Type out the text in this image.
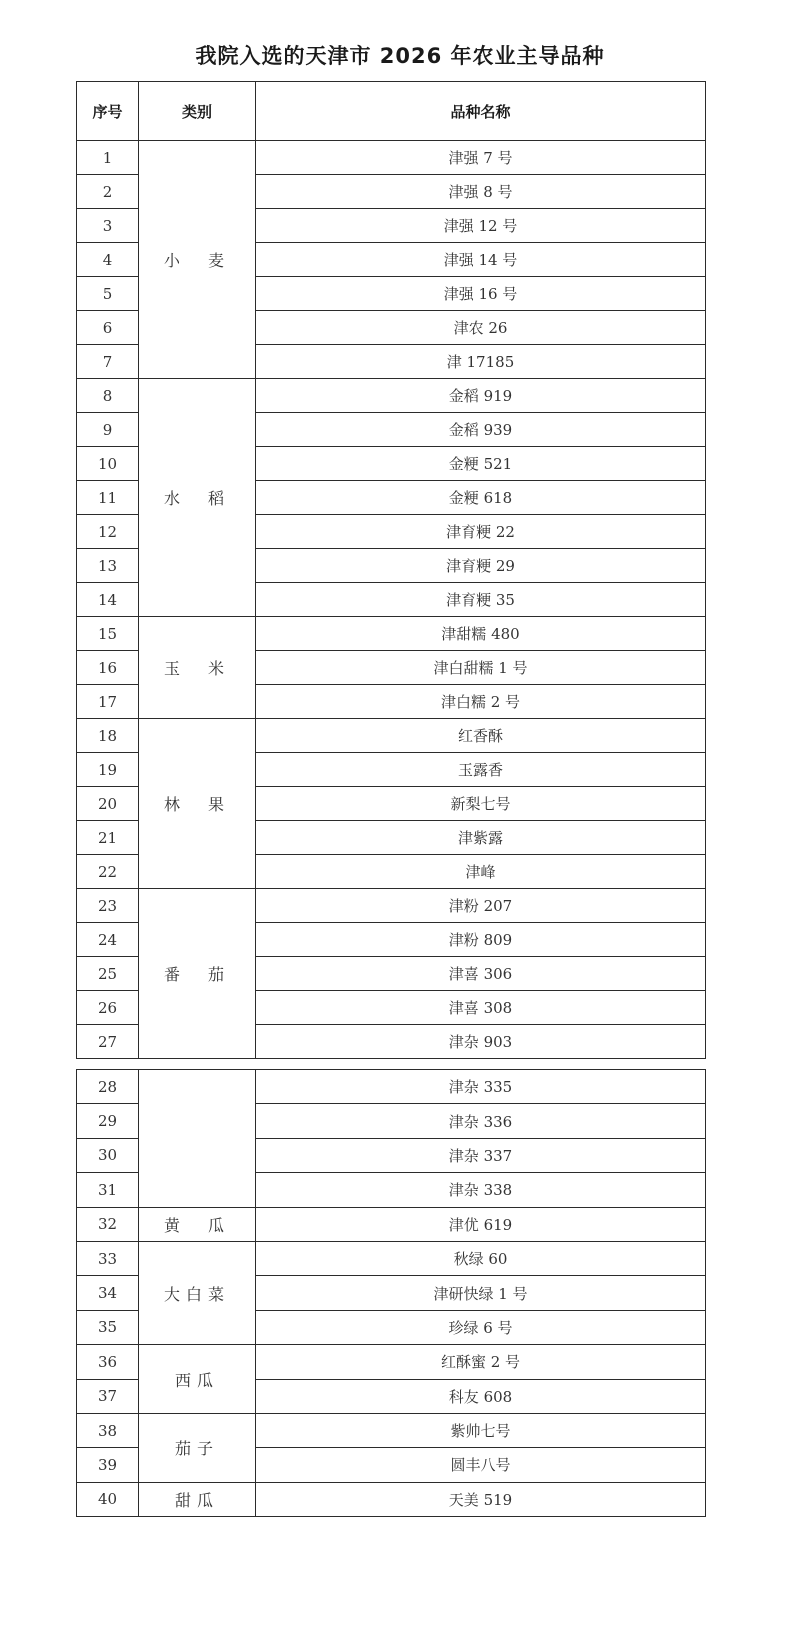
我院入选的天津市 2026 年农业主导品种
序号	类别	品种名称
1	小　麦	津强 7 号
2		津强 8 号
3		津强 12 号
4		津强 14 号
5		津强 16 号
6		津农 26
7		津 17185
8	水　稻	金稻 919
9		金稻 939
10		金粳 521
11		金粳 618
12		津育粳 22
13		津育粳 29
14		津育粳 35
15	玉　米	津甜糯 480
16		津白甜糯 1 号
17		津白糯 2 号
18	林　果	红香酥
19		玉露香
20		新梨七号
21		津紫露
22		津峰
23	番　茄	津粉 207
24		津粉 809
25		津喜 306
26		津喜 308
27		津杂 903
28		津杂 335
29		津杂 336
30		津杂 337
31		津杂 338
32	黄　瓜	津优 619
33	大白菜	秋绿 60
34		津研快绿 1 号
35		珍绿 6 号
36	西瓜	红酥蜜 2 号
37		科友 608
38	茄子	紫帅七号
39		圆丰八号
40	甜瓜	天美 519
